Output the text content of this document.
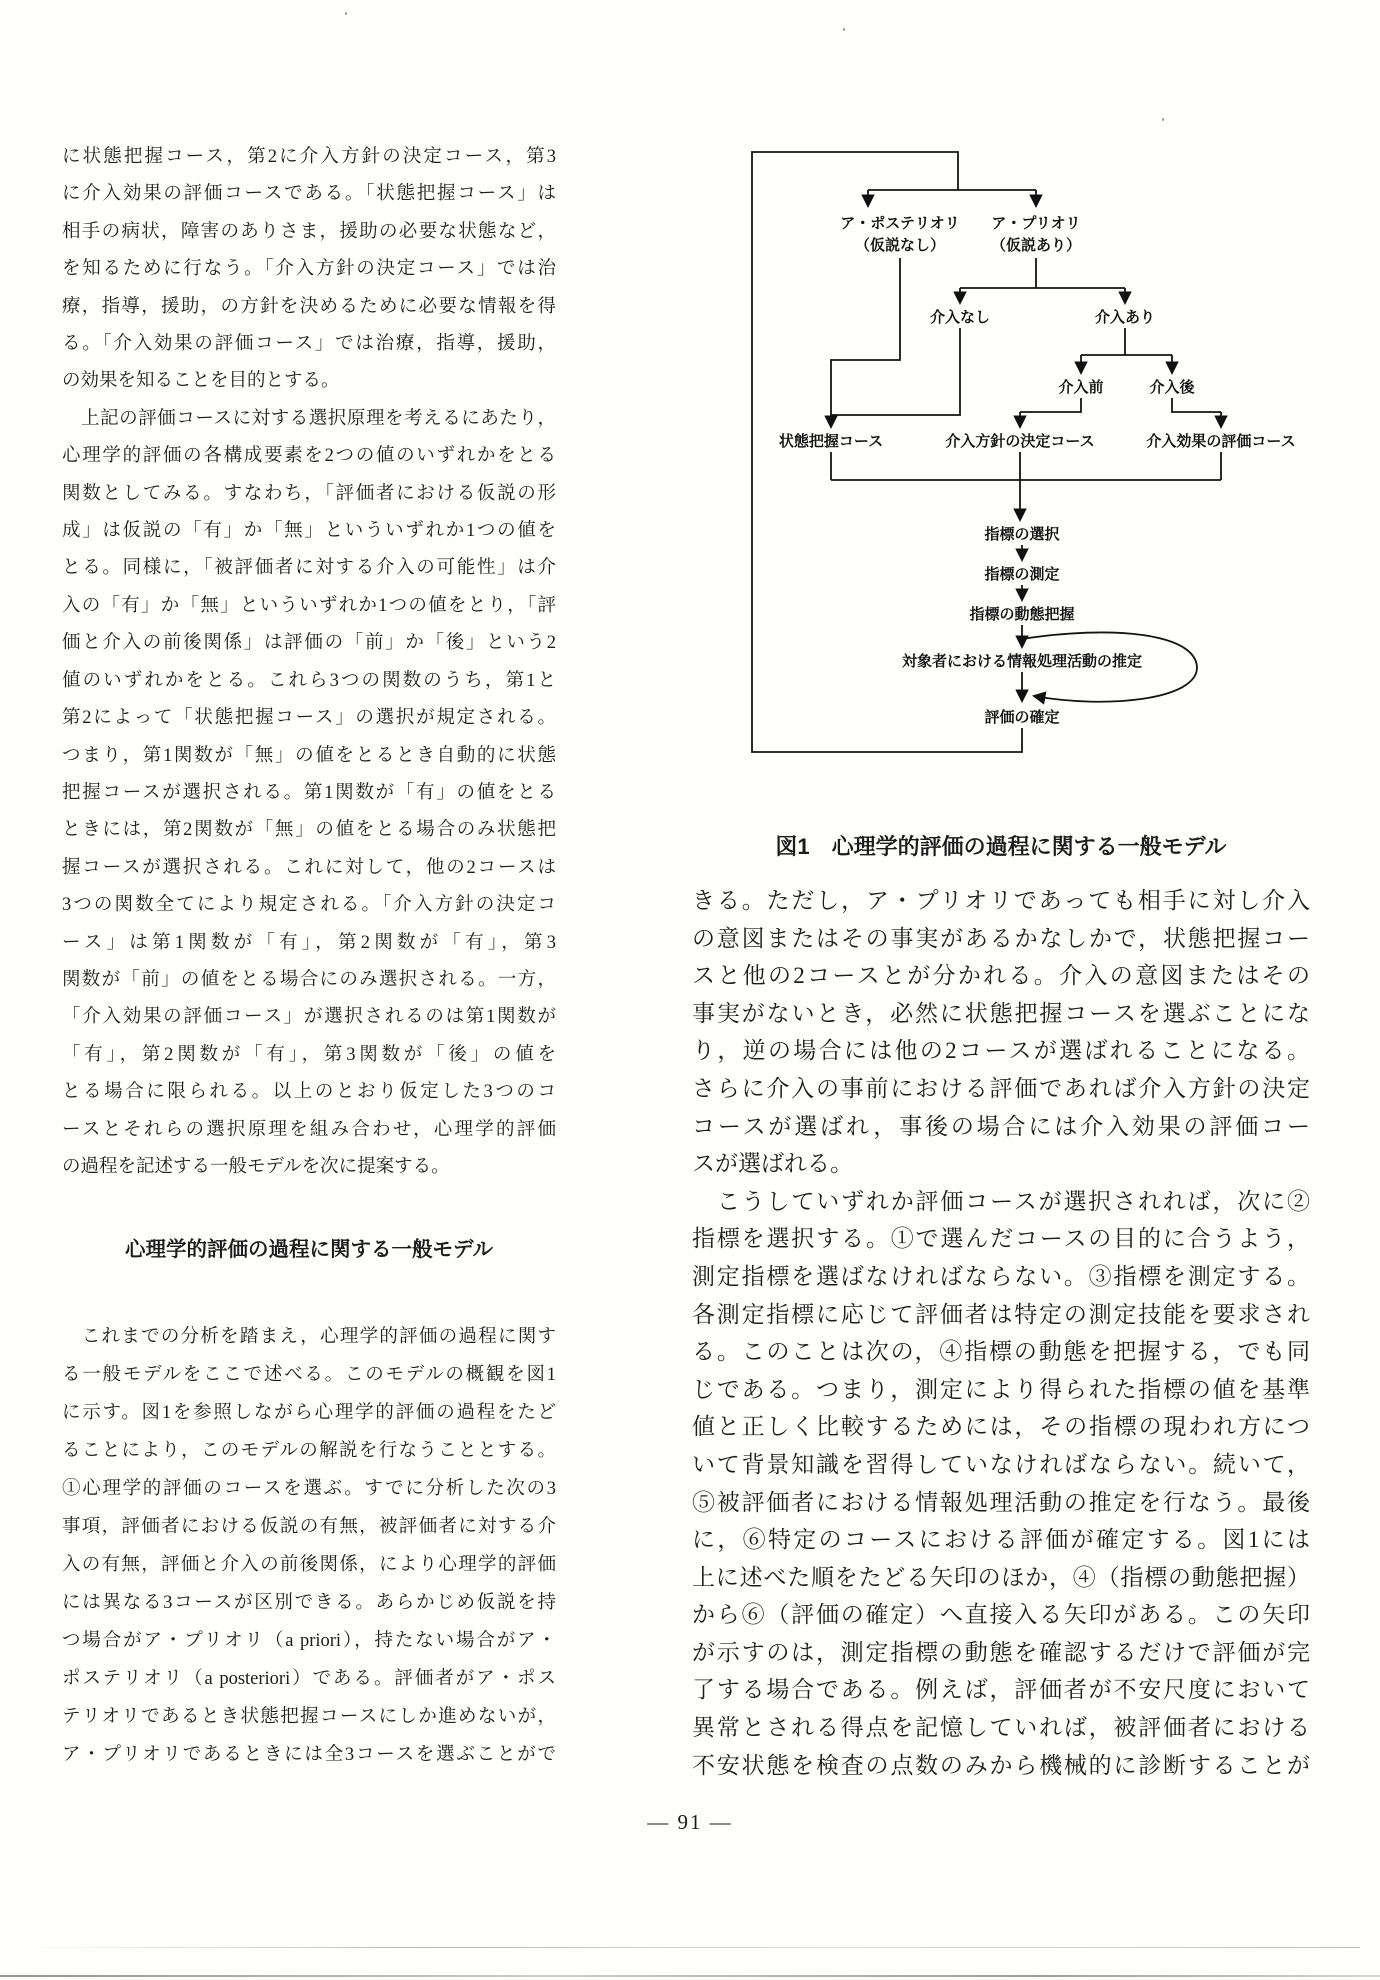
に状態把握コース，第2に介入方針の決定コース，第3
に介入効果の評価コースである。「状態把握コース」は
相手の病状，障害のありさま，援助の必要な状態など，
を知るために行なう。「介入方針の決定コース」では治
療，指導，援助，の方針を決めるために必要な情報を得
る。「介入効果の評価コース」では治療，指導，援助，
の効果を知ることを目的とする。
　上記の評価コースに対する選択原理を考えるにあたり，
心理学的評価の各構成要素を2つの値のいずれかをとる
関数としてみる。すなわち，「評価者における仮説の形
成」は仮説の「有」か「無」といういずれか1つの値を
とる。同様に，「被評価者に対する介入の可能性」は介
入の「有」か「無」といういずれか1つの値をとり，「評
価と介入の前後関係」は評価の「前」か「後」という2
値のいずれかをとる。これら3つの関数のうち，第1と
第2によって「状態把握コース」の選択が規定される。
つまり，第1関数が「無」の値をとるとき自動的に状態
把握コースが選択される。第1関数が「有」の値をとる
ときには，第2関数が「無」の値をとる場合のみ状態把
握コースが選択される。これに対して，他の2コースは
3つの関数全てにより規定される。「介入方針の決定コ
ース」は第1関数が「有」，第2関数が「有」，第3
関数が「前」の値をとる場合にのみ選択される。一方，
「介入効果の評価コース」が選択されるのは第1関数が
「有」，第2関数が「有」，第3関数が「後」の値を
とる場合に限られる。以上のとおり仮定した3つのコ
ースとそれらの選択原理を組み合わせ，心理学的評価
の過程を記述する一般モデルを次に提案する。
心理学的評価の過程に関する一般モデル
　これまでの分析を踏まえ，心理学的評価の過程に関す
る一般モデルをここで述べる。このモデルの概観を図1
に示す。図1を参照しながら心理学的評価の過程をたど
ることにより，このモデルの解説を行なうこととする。
①心理学的評価のコースを選ぶ。すでに分析した次の3
事項，評価者における仮説の有無，被評価者に対する介
入の有無，評価と介入の前後関係，により心理学的評価
には異なる3コースが区別できる。あらかじめ仮説を持
つ場合がア・プリオリ（a priori），持たない場合がア・
ポステリオリ（a posteriori）である。評価者がア・ポス
テリオリであるとき状態把握コースにしか進めないが，
ア・プリオリであるときには全3コースを選ぶことがで
ア・ポステリオリ
（仮説なし）
ア・プリオリ
（仮説あり）
介入なし	介入あり
介入前	介入後
状態把握コース	介入方針の決定コース	介入効果の評価コース
指標の選択
指標の測定
指標の動態把握
対象者における情報処理活動の推定
評価の確定
図1　心理学的評価の過程に関する一般モデル
きる。ただし，ア・プリオリであっても相手に対し介入
の意図またはその事実があるかなしかで，状態把握コー
スと他の2コースとが分かれる。介入の意図またはその
事実がないとき，必然に状態把握コースを選ぶことにな
り，逆の場合には他の2コースが選ばれることになる。
さらに介入の事前における評価であれば介入方針の決定
コースが選ばれ，事後の場合には介入効果の評価コー
スが選ばれる。
　こうしていずれか評価コースが選択されれば，次に②
指標を選択する。①で選んだコースの目的に合うよう，
測定指標を選ばなければならない。③指標を測定する。
各測定指標に応じて評価者は特定の測定技能を要求され
る。このことは次の，④指標の動態を把握する，でも同
じである。つまり，測定により得られた指標の値を基準
値と正しく比較するためには，その指標の現われ方につ
いて背景知識を習得していなければならない。続いて，
⑤被評価者における情報処理活動の推定を行なう。最後
に，⑥特定のコースにおける評価が確定する。図1には
上に述べた順をたどる矢印のほか，④（指標の動態把握）
から⑥（評価の確定）へ直接入る矢印がある。この矢印
が示すのは，測定指標の動態を確認するだけで評価が完
了する場合である。例えば，評価者が不安尺度において
異常とされる得点を記憶していれば，被評価者における
不安状態を検査の点数のみから機械的に診断することが
— 91 —
